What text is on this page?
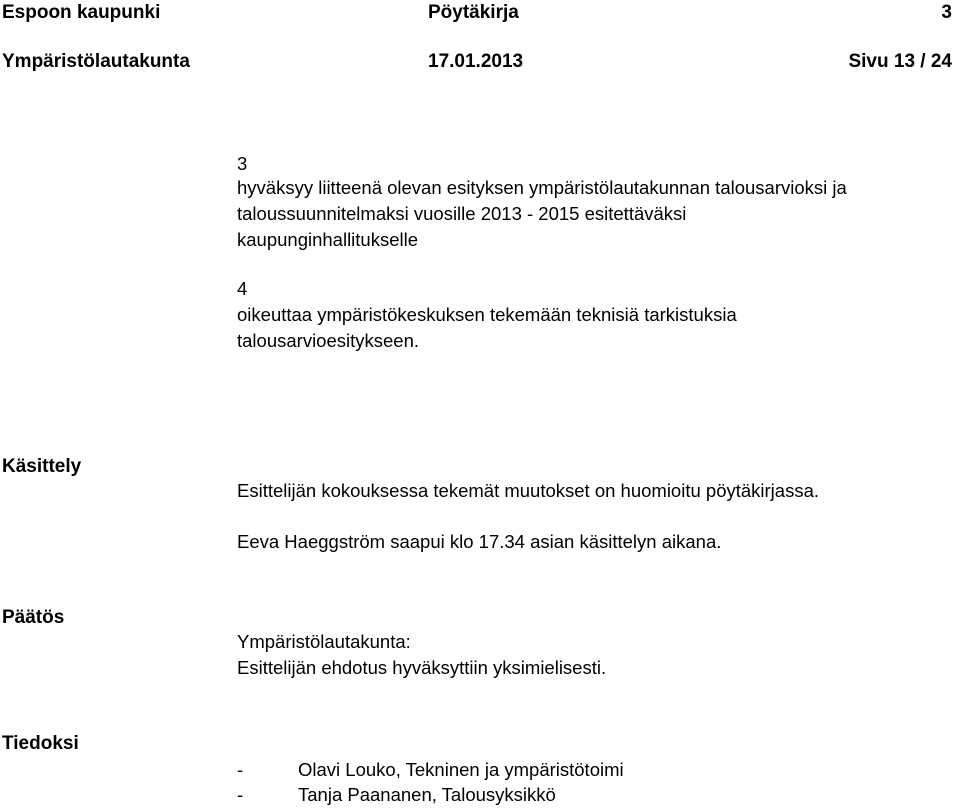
Espoon kaupunki	Pöytäkirja	3
Ympäristölautakunta	17.01.2013	Sivu 13 / 24
3
hyväksyy liitteenä olevan esityksen ympäristölautakunnan talousarvioksi ja
taloussuunnitelmaksi vuosille 2013 - 2015 esitettäväksi
kaupunginhallitukselle
4
oikeuttaa ympäristökeskuksen tekemään teknisiä tarkistuksia
talousarvioesitykseen.
Käsittely
Esittelijän kokouksessa tekemät muutokset on huomioitu pöytäkirjassa.
Eeva Haeggström saapui klo 17.34 asian käsittelyn aikana.
Päätös
Ympäristölautakunta:
Esittelijän ehdotus hyväksyttiin yksimielisesti.
Tiedoksi
-	Olavi Louko, Tekninen ja ympäristötoimi
-	Tanja Paananen, Talousyksikkö
